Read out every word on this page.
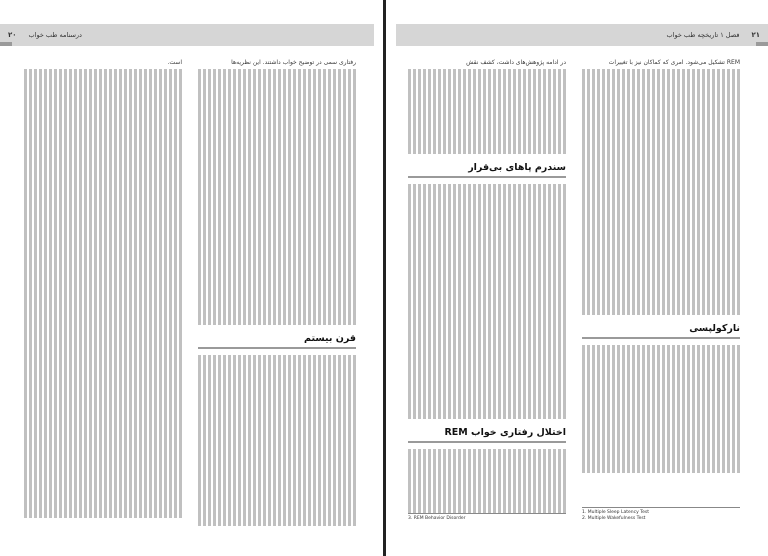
۲۰	درسنامه طب خواب
رفتاری سمی در توضیح خواب داشتند. این نظریه‌ها
قرن بیستم
است.
فصل ۱ تاریخچه طب خواب	۲۱
REM تشکیل می‌شود. امری که کماکان نیز با تغییرات
نارکولپسی
در ادامه پژوهش‌های داشت، کشف نقش
سندرم پاهای بی‌قرار
اختلال رفتاری خواب REM
3. REM Behavior Disorder
1. Multiple Sleep Latency Test
2. Multiple Wakefulness Test
